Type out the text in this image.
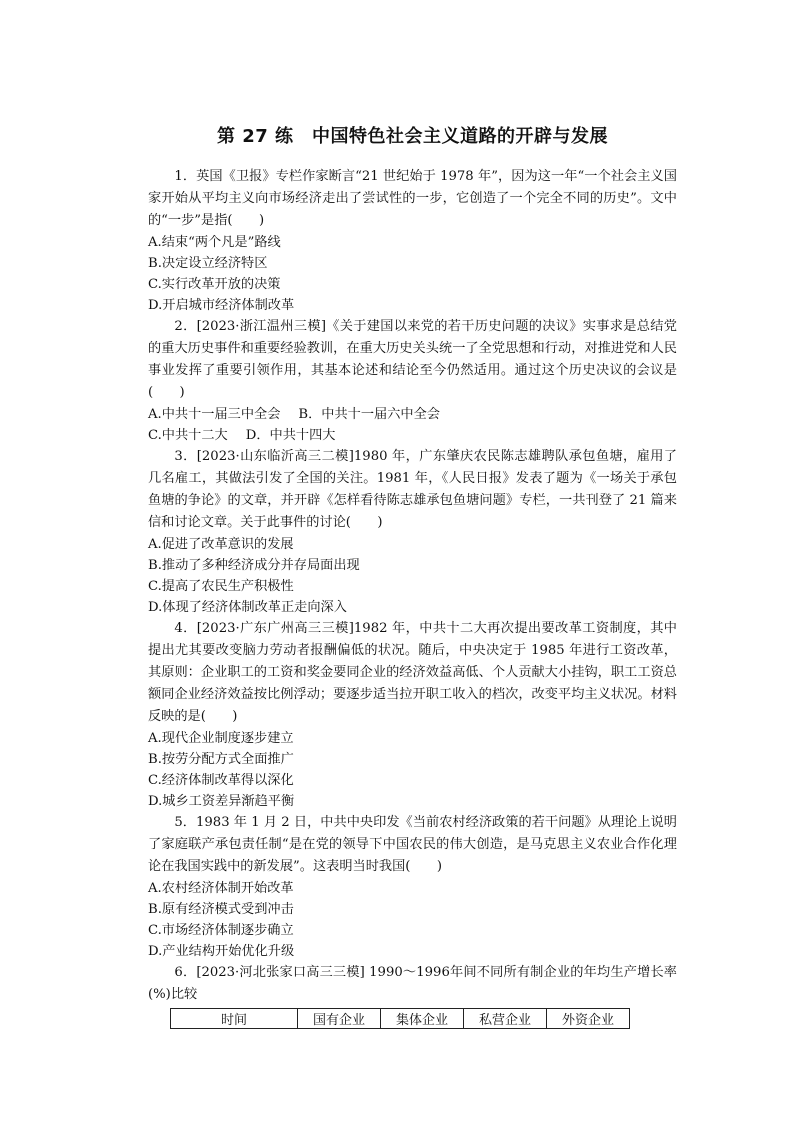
第 27 练　中国特色社会主义道路的开辟与发展

1．英国《卫报》专栏作家断言“21 世纪始于 1978 年”，因为这一年“一个社会主义国家开始从平均主义向市场经济走出了尝试性的一步，它创造了一个完全不同的历史”。文中的“一步”是指(　　)

A.结束“两个凡是”路线

B.决定设立经济特区

C.实行改革开放的决策

D.开启城市经济体制改革

2．[2023·浙江温州三模]《关于建国以来党的若干历史问题的决议》实事求是总结党的重大历史事件和重要经验教训，在重大历史关头统一了全党思想和行动，对推进党和人民事业发挥了重要引领作用，其基本论述和结论至今仍然适用。通过这个历史决议的会议是(　　)

A.中共十一届三中全会 B．中共十一届六中全会

C.中共十二大 D．中共十四大

3．[2023·山东临沂高三二模]1980 年，广东肇庆农民陈志雄聘队承包鱼塘，雇用了几名雇工，其做法引发了全国的关注。1981 年，《人民日报》发表了题为《一场关于承包鱼塘的争论》的文章，并开辟《怎样看待陈志雄承包鱼塘问题》专栏，一共刊登了 21 篇来信和讨论文章。关于此事件的讨论(　　)

A.促进了改革意识的发展

B.推动了多种经济成分并存局面出现

C.提高了农民生产积极性

D.体现了经济体制改革正走向深入

4．[2023·广东广州高三三模]1982 年，中共十二大再次提出要改革工资制度，其中提出尤其要改变脑力劳动者报酬偏低的状况。随后，中央决定于 1985 年进行工资改革，其原则：企业职工的工资和奖金要同企业的经济效益高低、个人贡献大小挂钩，职工工资总额同企业经济效益按比例浮动；要逐步适当拉开职工收入的档次，改变平均主义状况。材料反映的是(　　)

A.现代企业制度逐步建立

B.按劳分配方式全面推广

C.经济体制改革得以深化

D.城乡工资差异渐趋平衡

5．1983 年 1 月 2 日，中共中央印发《当前农村经济政策的若干问题》从理论上说明了家庭联产承包责任制“是在党的领导下中国农民的伟大创造，是马克思主义农业合作化理论在我国实践中的新发展”。这表明当时我国(　　)

A.农村经济体制开始改革

B.原有经济模式受到冲击

C.市场经济体制逐步确立

D.产业结构开始优化升级

6．[2023·河北张家口高三三模] 1990～1996年间不同所有制企业的年均生产增长率(%)比较

时间	国有企业	集体企业	私营企业	外资企业
